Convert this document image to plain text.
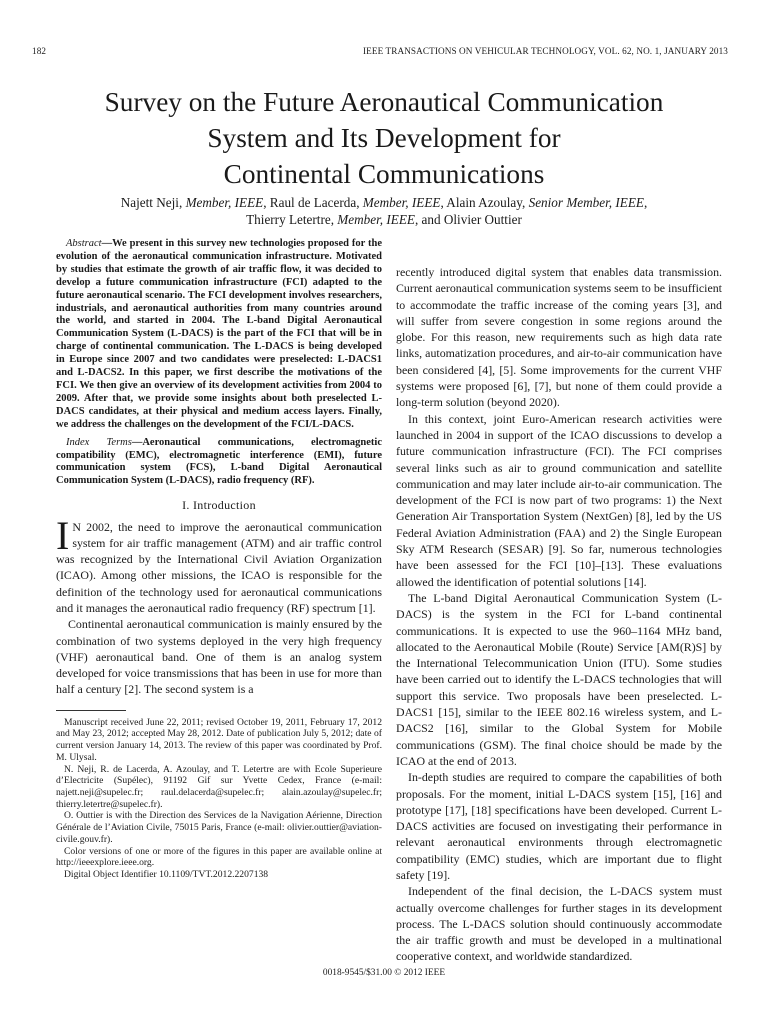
182	IEEE TRANSACTIONS ON VEHICULAR TECHNOLOGY, VOL. 62, NO. 1, JANUARY 2013
Survey on the Future Aeronautical Communication
System and Its Development for
Continental Communications
Najett Neji, Member, IEEE, Raul de Lacerda, Member, IEEE, Alain Azoulay, Senior Member, IEEE,
Thierry Letertre, Member, IEEE, and Olivier Outtier

Abstract—We present in this survey new technologies proposed for the evolution of the aeronautical communication infrastructure. Motivated by studies that estimate the growth of air traffic flow, it was decided to develop a future communication infrastructure (FCI) adapted to the future aeronautical scenario. The FCI development involves researchers, industrials, and aeronautical authorities from many countries around the world, and started in 2004. The L-band Digital Aeronautical Communication System (L-DACS) is the part of the FCI that will be in charge of continental communication. The L-DACS is being developed in Europe since 2007 and two candidates were preselected: L-DACS1 and L-DACS2. In this paper, we first describe the motivations of the FCI. We then give an overview of its development activities from 2004 to 2009. After that, we provide some insights about both preselected L-DACS candidates, at their physical and medium access layers. Finally, we address the challenges on the development of the FCI/L-DACS.

Index Terms—Aeronautical communications, electromagnetic compatibility (EMC), electromagnetic interference (EMI), future communication system (FCS), L-band Digital Aeronautical Communication System (L-DACS), radio frequency (RF).

I. Introduction

I N 2002, the need to improve the aeronautical communication system for air traffic management (ATM) and air traffic control was recognized by the International Civil Aviation Organization (ICAO). Among other missions, the ICAO is responsible for the definition of the technology used for aeronautical communications and it manages the aeronautical radio frequency (RF) spectrum [1].

Continental aeronautical communication is mainly ensured by the combination of two systems deployed in the very high frequency (VHF) aeronautical band. One of them is an analog system developed for voice transmissions that has been in use for more than half a century [2]. The second system is a

Manuscript received June 22, 2011; revised October 19, 2011, February 17, 2012 and May 23, 2012; accepted May 28, 2012. Date of publication July 5, 2012; date of current version January 14, 2013. The review of this paper was coordinated by Prof. M. Ulysal.

N. Neji, R. de Lacerda, A. Azoulay, and T. Letertre are with Ecole Superieure d’Electricite (Supélec), 91192 Gif sur Yvette Cedex, France (e-mail: najett.neji@supelec.fr; raul.delacerda@supelec.fr; alain.azoulay@supelec.fr; thierry.letertre@supelec.fr).

O. Outtier is with the Direction des Services de la Navigation Aérienne, Direction Générale de l’Aviation Civile, 75015 Paris, France (e-mail: olivier.outtier@aviation-civile.gouv.fr).

Color versions of one or more of the figures in this paper are available online at http://ieeexplore.ieee.org.

Digital Object Identifier 10.1109/TVT.2012.2207138

recently introduced digital system that enables data transmission. Current aeronautical communication systems seem to be insufficient to accommodate the traffic increase of the coming years [3], and will suffer from severe congestion in some regions around the globe. For this reason, new requirements such as high data rate links, automatization procedures, and air-to-air communication have been considered [4], [5]. Some improvements for the current VHF systems were proposed [6], [7], but none of them could provide a long-term solution (beyond 2020).

In this context, joint Euro-American research activities were launched in 2004 in support of the ICAO discussions to develop a future communication infrastructure (FCI). The FCI comprises several links such as air to ground communication and satellite communication and may later include air-to-air communication. The development of the FCI is now part of two programs: 1) the Next Generation Air Transportation System (NextGen) [8], led by the US Federal Aviation Administration (FAA) and 2) the Single European Sky ATM Research (SESAR) [9]. So far, numerous technologies have been assessed for the FCI [10]–[13]. These evaluations allowed the identification of potential solutions [14].

The L-band Digital Aeronautical Communication System (L-DACS) is the system in the FCI for L-band continental communications. It is expected to use the 960–1164 MHz band, allocated to the Aeronautical Mobile (Route) Service [AM(R)S] by the International Telecommunication Union (ITU). Some studies have been carried out to identify the L-DACS technologies that will support this service. Two proposals have been preselected. L-DACS1 [15], similar to the IEEE 802.16 wireless system, and L-DACS2 [16], similar to the Global System for Mobile communications (GSM). The final choice should be made by the ICAO at the end of 2013.

In-depth studies are required to compare the capabilities of both proposals. For the moment, initial L-DACS system [15], [16] and prototype [17], [18] specifications have been developed. Current L-DACS activities are focused on investigating their performance in relevant aeronautical environments through electromagnetic compatibility (EMC) studies, which are important due to flight safety [19].

Independent of the final decision, the L-DACS system must actually overcome challenges for further stages in its development process. The L-DACS solution should continuously accommodate the air traffic growth and must be developed in a multinational cooperative context, and worldwide standardized.

0018-9545/$31.00 © 2012 IEEE
